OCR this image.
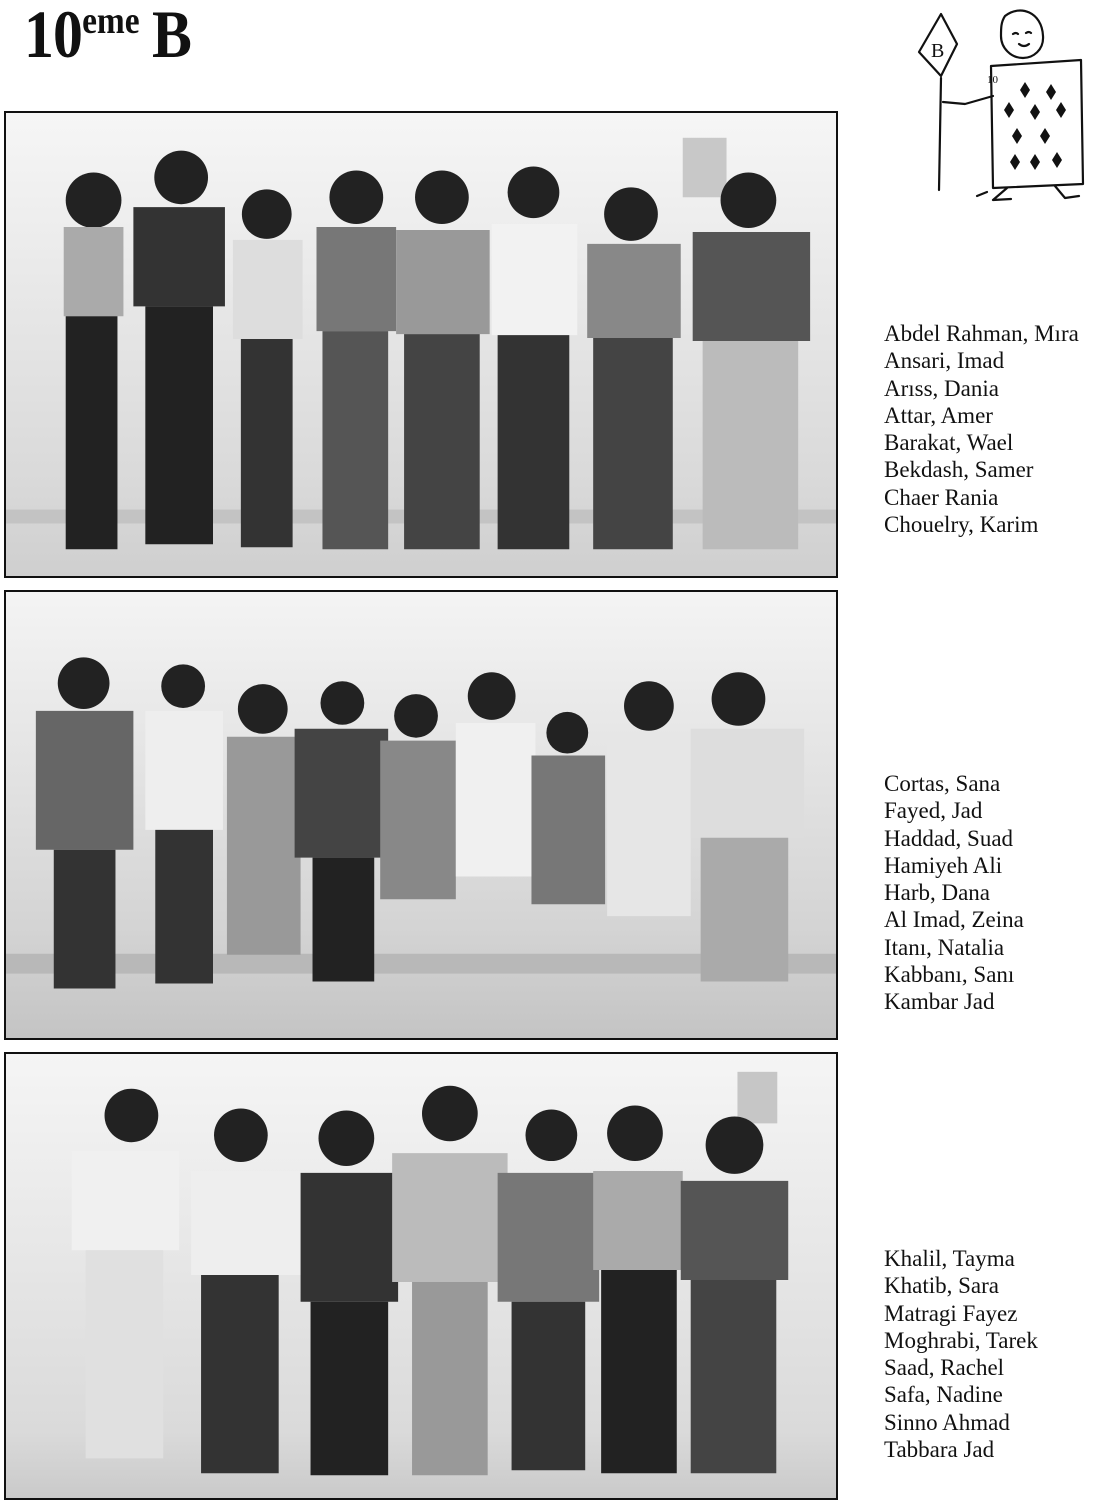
10eme B	B
10
Abdel Rahman, Mıra
Ansari, Imad
Arıss, Dania
Attar, Amer
Barakat, Wael
Bekdash, Samer
Chaer Rania
Chouelry, Karim
Cortas, Sana
Fayed, Jad
Haddad, Suad
Hamiyeh Ali
Harb, Dana
Al Imad, Zeina
Itanı, Natalia
Kabbanı, Sanı
Kambar Jad
Khalil, Tayma
Khatib, Sara
Matragi Fayez
Moghrabi, Tarek
Saad, Rachel
Safa, Nadine
Sinno Ahmad
Tabbara Jad
